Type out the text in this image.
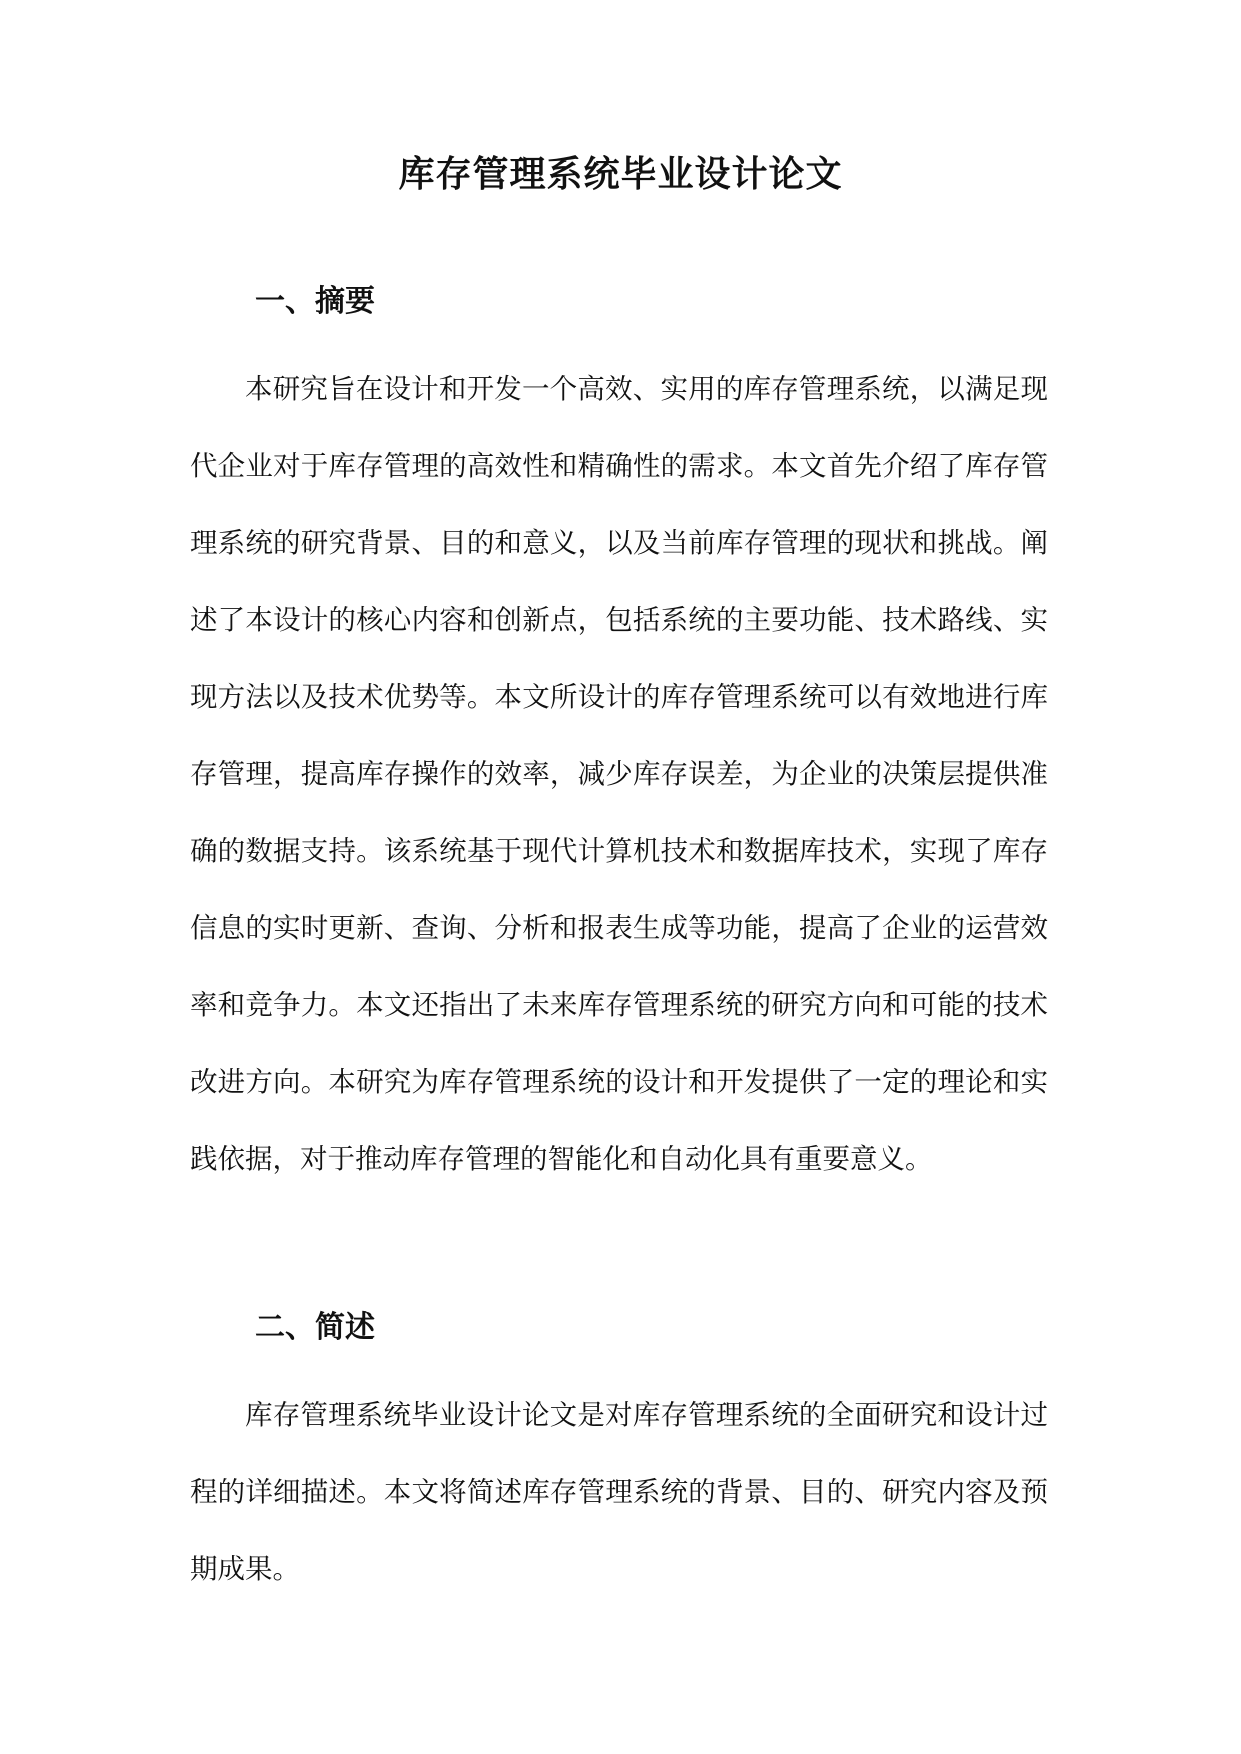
库存管理系统毕业设计论文
一、摘要

本研究旨在设计和开发一个高效、实用的库存管理系统，以满足现代企业对于库存管理的高效性和精确性的需求。本文首先介绍了库存管理系统的研究背景、目的和意义，以及当前库存管理的现状和挑战。阐述了本设计的核心内容和创新点，包括系统的主要功能、技术路线、实现方法以及技术优势等。本文所设计的库存管理系统可以有效地进行库存管理，提高库存操作的效率，减少库存误差，为企业的决策层提供准确的数据支持。该系统基于现代计算机技术和数据库技术，实现了库存信息的实时更新、查询、分析和报表生成等功能，提高了企业的运营效率和竞争力。本文还指出了未来库存管理系统的研究方向和可能的技术改进方向。本研究为库存管理系统的设计和开发提供了一定的理论和实践依据，对于推动库存管理的智能化和自动化具有重要意义。

二、简述

库存管理系统毕业设计论文是对库存管理系统的全面研究和设计过程的详细描述。本文将简述库存管理系统的背景、目的、研究内容及预期成果。
